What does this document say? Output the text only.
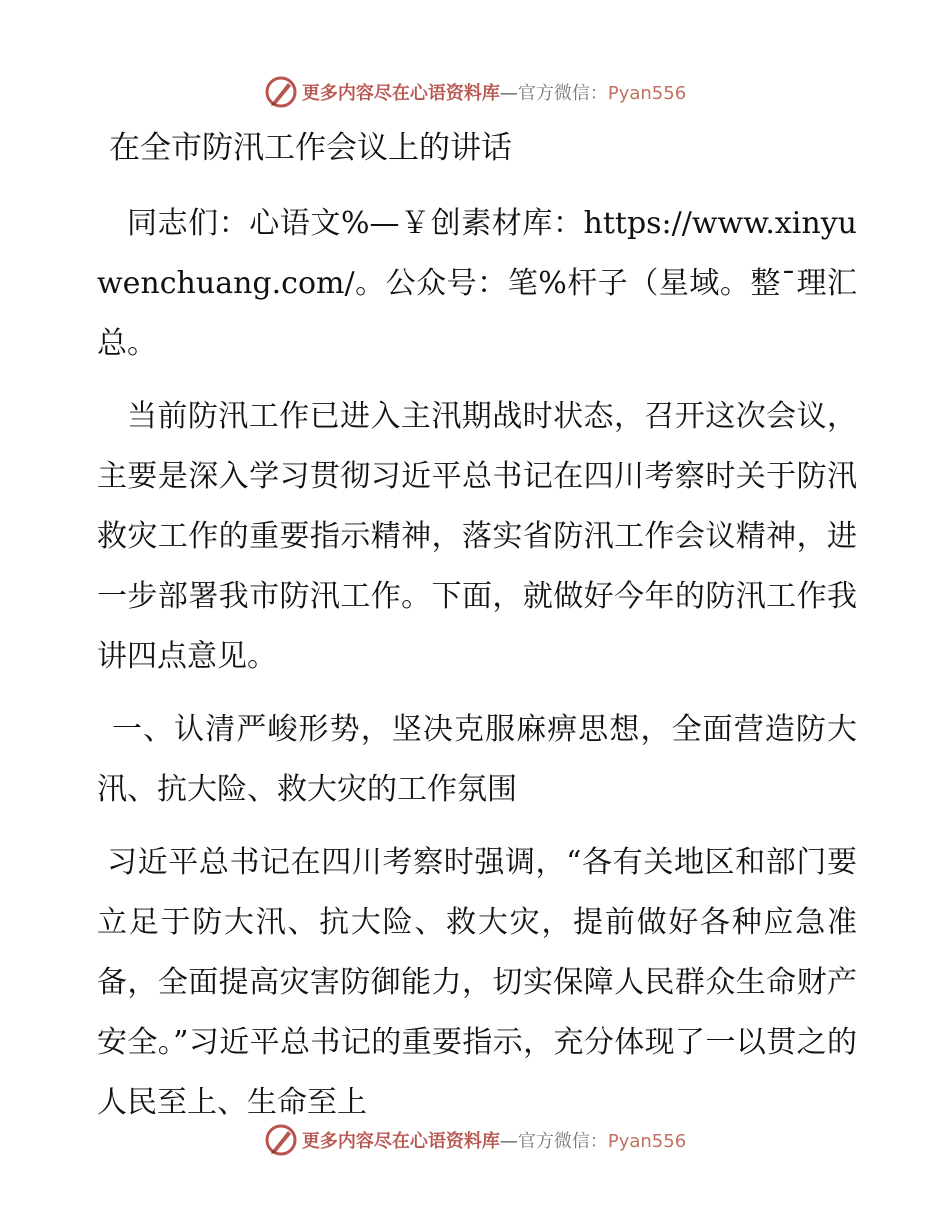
更多内容尽在心语资料库—官方微信：Pyan556
在全市防汛工作会议上的讲话

同志们：心语文%—￥创素材库：https://www.xinyuwenchuang.com/。公众号：笔%杆子（星域。整¯理汇总。

当前防汛工作已进入主汛期战时状态，召开这次会议，主要是深入学习贯彻习近平总书记在四川考察时关于防汛救灾工作的重要指示精神，落实省防汛工作会议精神，进一步部署我市防汛工作。下面，就做好今年的防汛工作我讲四点意见。

一、认清严峻形势，坚决克服麻痹思想，全面营造防大汛、抗大险、救大灾的工作氛围

习近平总书记在四川考察时强调，“各有关地区和部门要立足于防大汛、抗大险、救大灾，提前做好各种应急准备，全面提高灾害防御能力，切实保障人民群众生命财产安全。”习近平总书记的重要指示，充分体现了一以贯之的人民至上、生命至上

更多内容尽在心语资料库—官方微信：Pyan556
